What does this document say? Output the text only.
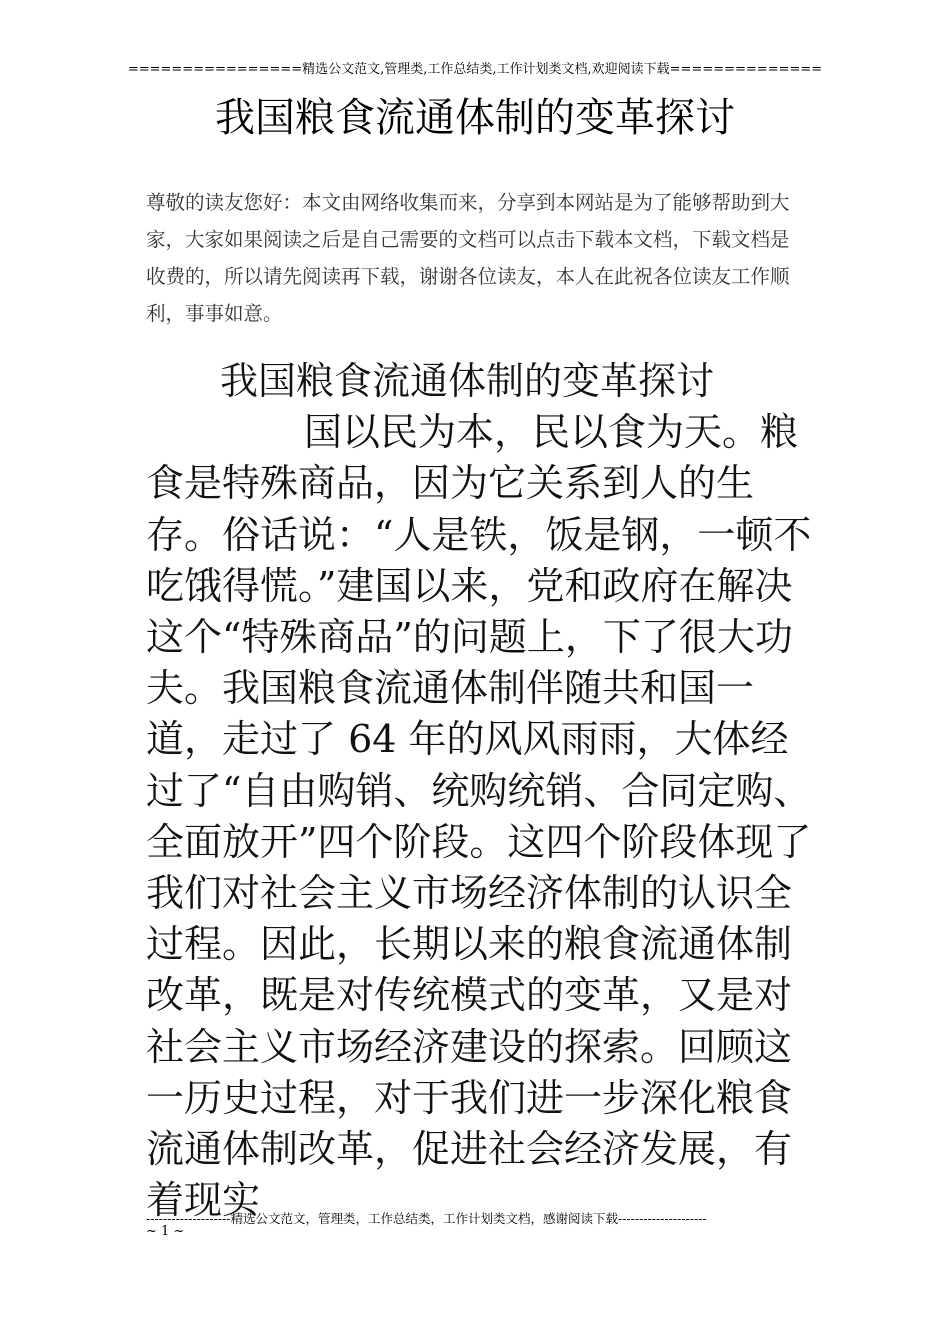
================精选公文范文,管理类,工作总结类,工作计划类文档,欢迎阅读下载==============
我国粮食流通体制的变革探讨

尊敬的读友您好：本文由网络收集而来，分享到本网站是为了能够帮助到大家，大家如果阅读之后是自己需要的文档可以点击下载本文档，下载文档是收费的，所以请先阅读再下载，谢谢各位读友，本人在此祝各位读友工作顺利，事事如意。

我国粮食流通体制的变革探讨
国以民为本，民以食为天。粮食是特殊商品，因为它关系到人的生存。俗话说：“人是铁，饭是钢，一顿不吃饿得慌。”建国以来，党和政府在解决这个“特殊商品”的问题上，下了很大功夫。我国粮食流通体制伴随共和国一道，走过了 64 年的风风雨雨，大体经过了“自由购销、统购统销、合同定购、全面放开”四个阶段。这四个阶段体现了我们对社会主义市场经济体制的认识全过程。因此，长期以来的粮食流通体制改革，既是对传统模式的变革，又是对社会主义市场经济建设的探索。回顾这一历史过程，对于我们进一步深化粮食流通体制改革，促进社会经济发展，有着现实
--------------------精选公文范文，管理类，工作总结类，工作计划类文档，感谢阅读下载---------------------
~ 1 ~
